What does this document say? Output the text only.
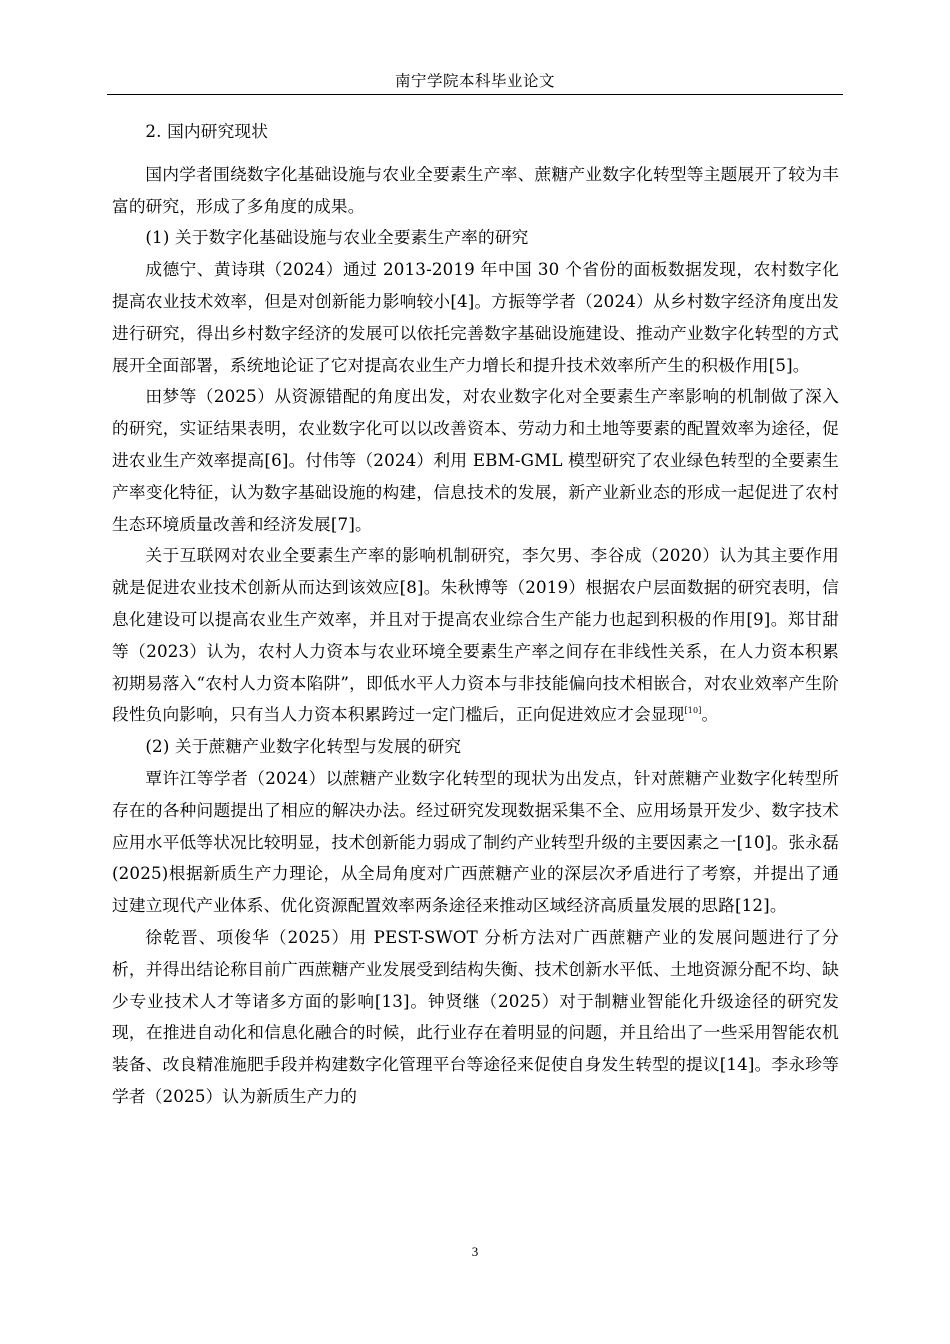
南宁学院本科毕业论文

2. 国内研究现状

国内学者围绕数字化基础设施与农业全要素生产率、蔗糖产业数字化转型等主题展开了较为丰富的研究，形成了多角度的成果。

(1) 关于数字化基础设施与农业全要素生产率的研究

成德宁、黄诗琪（2024）通过 2013-2019 年中国 30 个省份的面板数据发现，农村数字化提高农业技术效率，但是对创新能力影响较小[4]。方振等学者（2024）从乡村数字经济角度出发进行研究，得出乡村数字经济的发展可以依托完善数字基础设施建设、推动产业数字化转型的方式展开全面部署，系统地论证了它对提高农业生产力增长和提升技术效率所产生的积极作用[5]。

田梦等（2025）从资源错配的角度出发，对农业数字化对全要素生产率影响的机制做了深入的研究，实证结果表明，农业数字化可以以改善资本、劳动力和土地等要素的配置效率为途径，促进农业生产效率提高[6]。付伟等（2024）利用 EBM-GML 模型研究了农业绿色转型的全要素生产率变化特征，认为数字基础设施的构建，信息技术的发展，新产业新业态的形成一起促进了农村生态环境质量改善和经济发展[7]。

关于互联网对农业全要素生产率的影响机制研究，李欠男、李谷成（2020）认为其主要作用就是促进农业技术创新从而达到该效应[8]。朱秋博等（2019）根据农户层面数据的研究表明，信息化建设可以提高农业生产效率，并且对于提高农业综合生产能力也起到积极的作用[9]。郑甘甜等（2023）认为，农村人力资本与农业环境全要素生产率之间存在非线性关系，在人力资本积累初期易落入“农村人力资本陷阱”，即低水平人力资本与非技能偏向技术相嵌合，对农业效率产生阶段性负向影响，只有当人力资本积累跨过一定门槛后，正向促进效应才会显现[10]。

(2) 关于蔗糖产业数字化转型与发展的研究

覃许江等学者（2024）以蔗糖产业数字化转型的现状为出发点，针对蔗糖产业数字化转型所存在的各种问题提出了相应的解决办法。经过研究发现数据采集不全、应用场景开发少、数字技术应用水平低等状况比较明显，技术创新能力弱成了制约产业转型升级的主要因素之一[10]。张永磊(2025)根据新质生产力理论，从全局角度对广西蔗糖产业的深层次矛盾进行了考察，并提出了通过建立现代产业体系、优化资源配置效率两条途径来推动区域经济高质量发展的思路[12]。

徐乾晋、项俊华（2025）用 PEST-SWOT 分析方法对广西蔗糖产业的发展问题进行了分析，并得出结论称目前广西蔗糖产业发展受到结构失衡、技术创新水平低、土地资源分配不均、缺少专业技术人才等诸多方面的影响[13]。钟贤继（2025）对于制糖业智能化升级途径的研究发现，在推进自动化和信息化融合的时候，此行业存在着明显的问题，并且给出了一些采用智能农机装备、改良精准施肥手段并构建数字化管理平台等途径来促使自身发生转型的提议[14]。李永珍等学者（2025）认为新质生产力的

3
